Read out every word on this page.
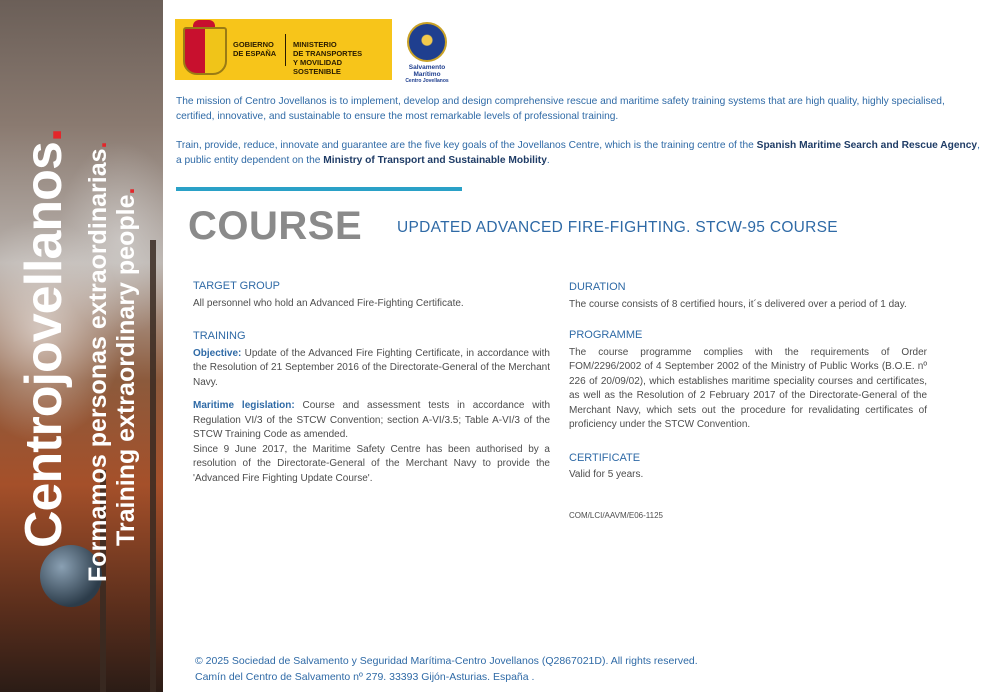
Centrojovellanos.
Formamos personas extraordinarias.
Training extraordinary people.
GOBIERNO
DE ESPAÑA
MINISTERIO
DE TRANSPORTES
Y MOVILIDAD SOSTENIBLE	Salvamento Marítimo
Centro Jovellanos

The mission of Centro Jovellanos is to implement, develop and design comprehensive rescue and maritime safety training systems that are high quality, highly specialised, certified, innovative, and sustainable to ensure the most remarkable levels of professional training.

Train, provide, reduce, innovate and guarantee are the five key goals of the Jovellanos Centre, which is the training centre of the Spanish Maritime Search and Rescue Agency, a public entity dependent on the Ministry of Transport and Sustainable Mobility.

COURSE UPDATED ADVANCED FIRE-FIGHTING. STCW-95 COURSE
TARGET GROUP

All personnel who hold an Advanced Fire-Fighting Certificate.

TRAINING

Objective: Update of the Advanced Fire Fighting Certificate, in accordance with the Resolution of 21 September 2016 of the Directorate-General of the Merchant Navy.

Maritime legislation: Course and assessment tests in accordance with Regulation VI/3 of the STCW Convention; section A-VI/3.5; Table A-VI/3 of the STCW Training Code as amended.

Since 9 June 2017, the Maritime Safety Centre has been authorised by a resolution of the Directorate-General of the Merchant Navy to provide the 'Advanced Fire Fighting Update Course'.

DURATION

The course consists of 8 certified hours, it´s delivered over a period of 1 day.

PROGRAMME

The course programme complies with the requirements of Order FOM/2296/2002 of 4 September 2002 of the Ministry of Public Works (B.O.E. nº 226 of 20/09/02), which establishes maritime speciality courses and certificates, as well as the Resolution of 2 February 2017 of the Directorate-General of the Merchant Navy, which sets out the procedure for revalidating certificates of proficiency under the STCW Convention.

CERTIFICATE

Valid for 5 years.

COM/LCI/AAVM/E06-1125
© 2025 Sociedad de Salvamento y Seguridad Marítima-Centro Jovellanos (Q2867021D). All rights reserved.
Camín del Centro de Salvamento nº 279. 33393 Gijón-Asturias. España .
